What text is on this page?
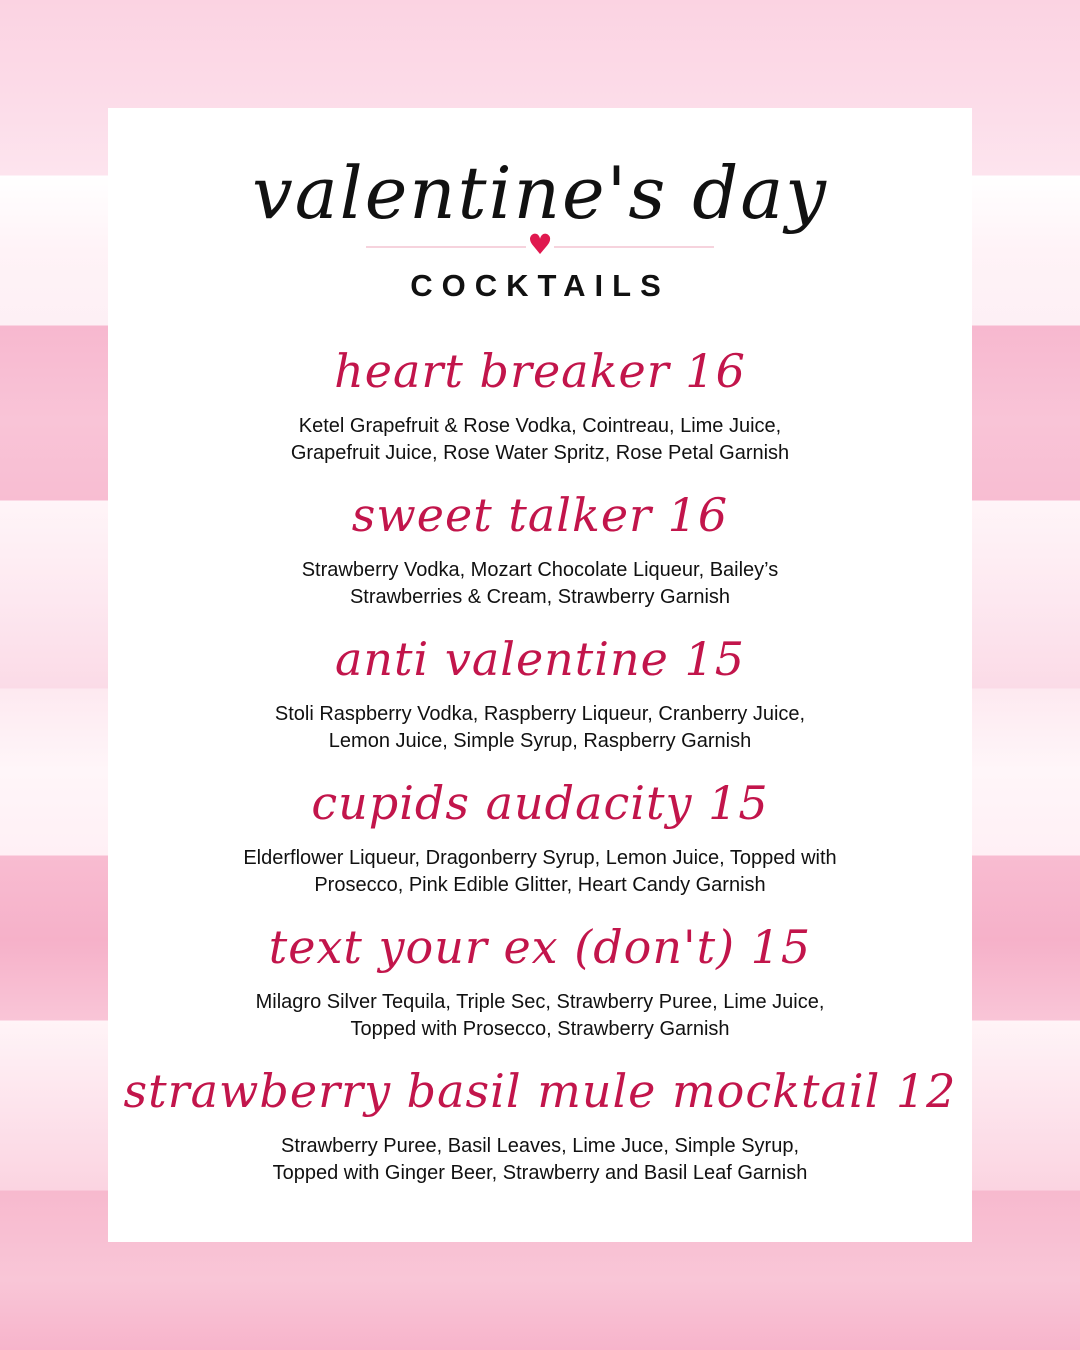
valentine's day
♥
COCKTAILS
heart breaker 16
Ketel Grapefruit & Rose Vodka, Cointreau, Lime Juice,
Grapefruit Juice, Rose Water Spritz, Rose Petal Garnish
sweet talker 16
Strawberry Vodka, Mozart Chocolate Liqueur, Bailey’s
Strawberries & Cream, Strawberry Garnish
anti valentine 15
Stoli Raspberry Vodka, Raspberry Liqueur, Cranberry Juice,
Lemon Juice, Simple Syrup, Raspberry Garnish
cupids audacity 15
Elderflower Liqueur, Dragonberry Syrup, Lemon Juice, Topped with
Prosecco, Pink Edible Glitter, Heart Candy Garnish
text your ex (don't) 15
Milagro Silver Tequila, Triple Sec, Strawberry Puree, Lime Juice,
Topped with Prosecco, Strawberry Garnish
strawberry basil mule mocktail 12
Strawberry Puree, Basil Leaves, Lime Juce, Simple Syrup,
Topped with Ginger Beer, Strawberry and Basil Leaf Garnish
